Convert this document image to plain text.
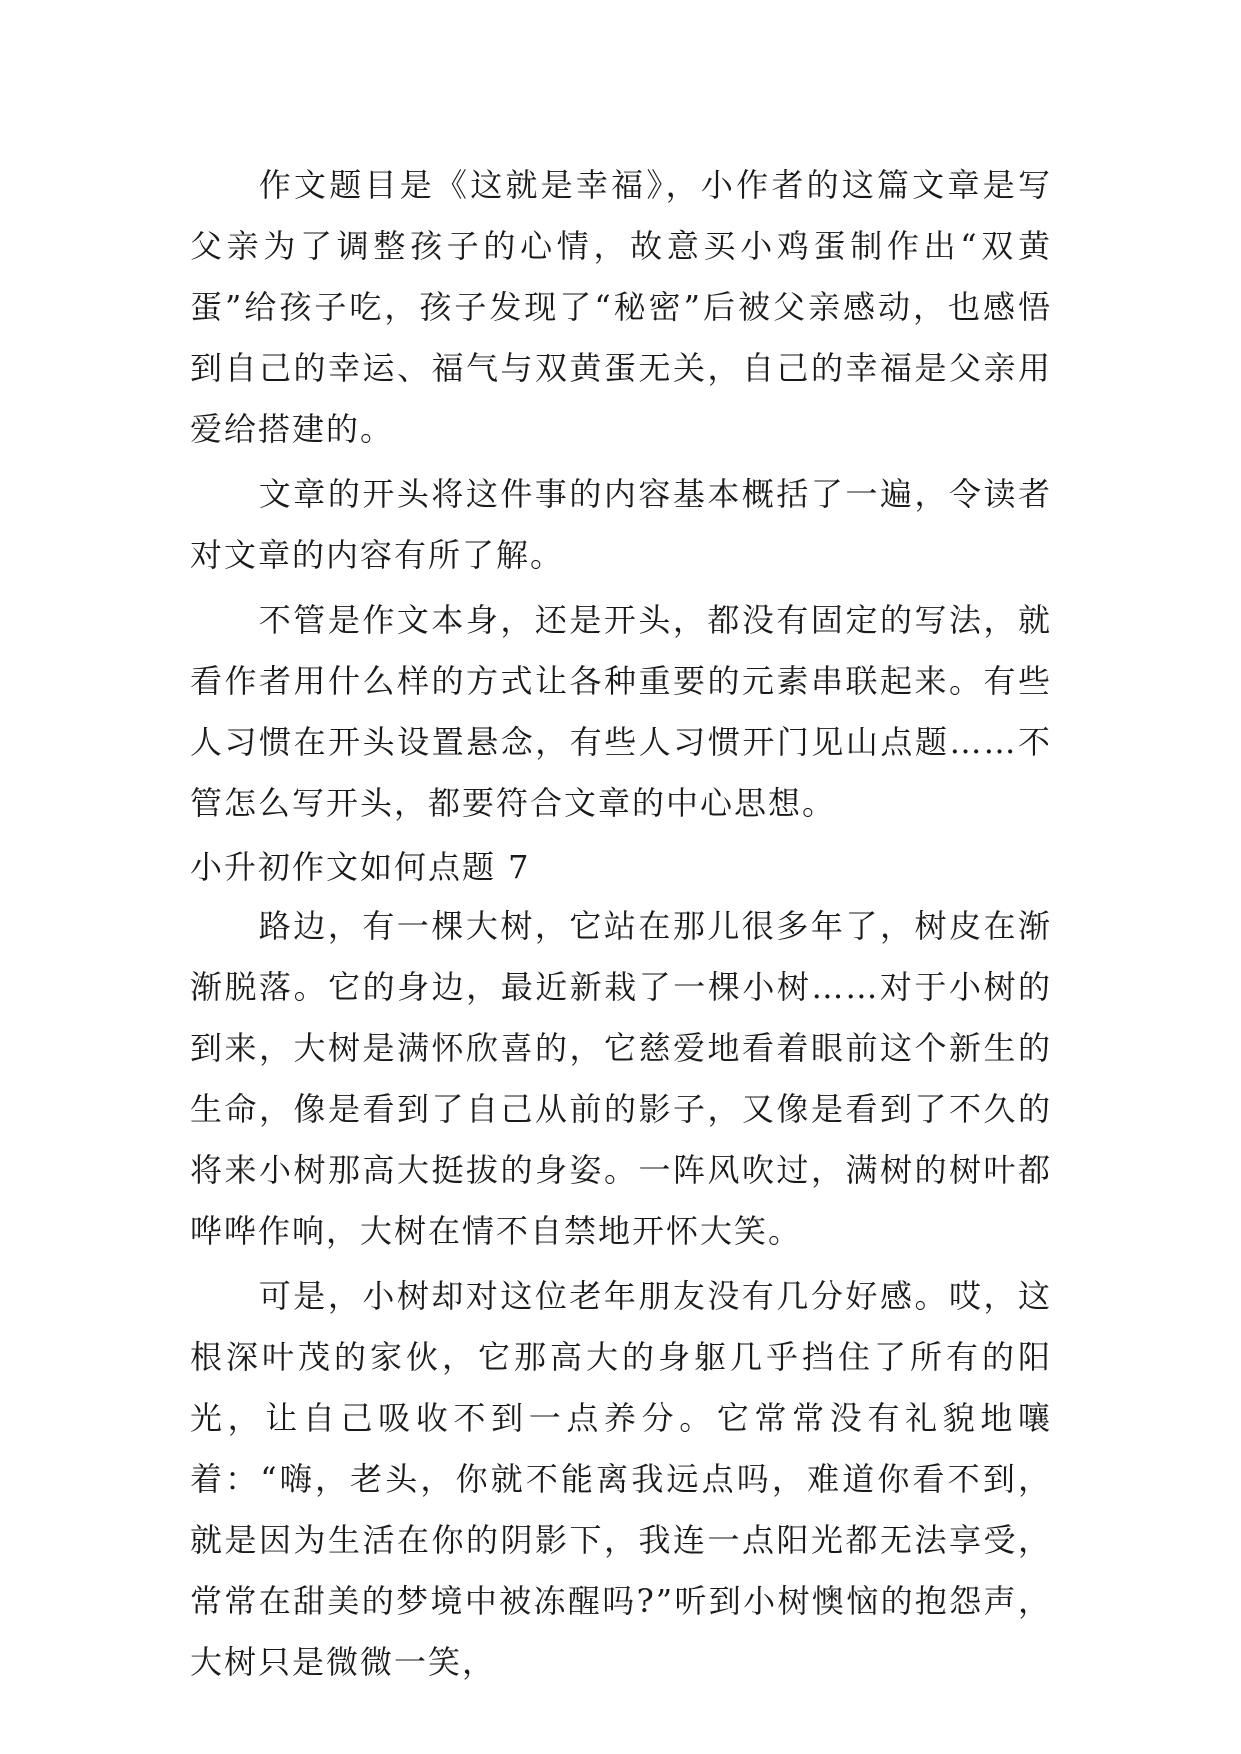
作文题目是《这就是幸福》，小作者的这篇文章是写父亲为了调整孩子的心情，故意买小鸡蛋制作出“双黄蛋”给孩子吃，孩子发现了“秘密”后被父亲感动，也感悟到自己的幸运、福气与双黄蛋无关，自己的幸福是父亲用爱给搭建的。

文章的开头将这件事的内容基本概括了一遍，令读者对文章的内容有所了解。

不管是作文本身，还是开头，都没有固定的写法，就看作者用什么样的方式让各种重要的元素串联起来。有些人习惯在开头设置悬念，有些人习惯开门见山点题……不管怎么写开头，都要符合文章的中心思想。

小升初作文如何点题 7

路边，有一棵大树，它站在那儿很多年了，树皮在渐渐脱落。它的身边，最近新栽了一棵小树……对于小树的到来，大树是满怀欣喜的，它慈爱地看着眼前这个新生的生命，像是看到了自己从前的影子，又像是看到了不久的将来小树那高大挺拔的身姿。一阵风吹过，满树的树叶都哗哗作响，大树在情不自禁地开怀大笑。

可是，小树却对这位老年朋友没有几分好感。哎，这根深叶茂的家伙，它那高大的身躯几乎挡住了所有的阳光，让自己吸收不到一点养分。它常常没有礼貌地嚷着：“嗨，老头，你就不能离我远点吗，难道你看不到，就是因为生活在你的阴影下，我连一点阳光都无法享受，常常在甜美的梦境中被冻醒吗?”听到小树懊恼的抱怨声，大树只是微微一笑，
